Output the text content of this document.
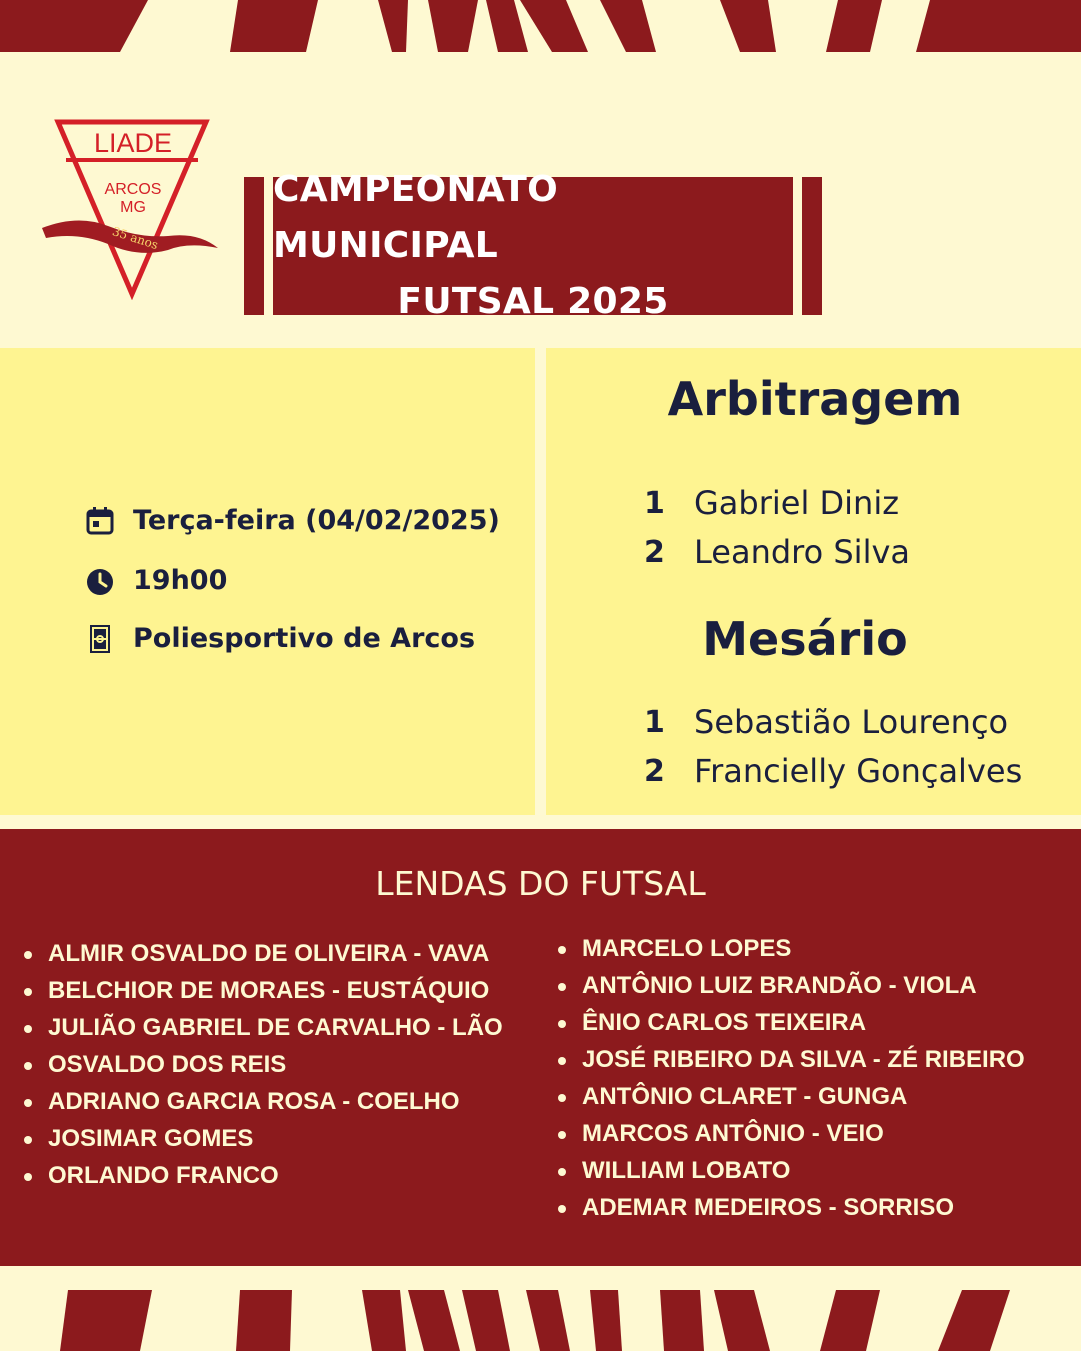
LIADE
ARCOS
MG
35 anos
CAMPEONATO MUNICIPAL
FUTSAL 2025
Terça-feira (04/02/2025)
19h00
Poliesportivo de Arcos
Arbitragem
1 Gabriel Diniz
2 Leandro Silva
Mesário
1 Sebastião Lourenço
2 Francielly Gonçalves
LENDAS DO FUTSAL
ALMIR OSVALDO DE OLIVEIRA - VAVA
BELCHIOR DE MORAES - EUSTÁQUIO
JULIÃO GABRIEL DE CARVALHO - LÃO
OSVALDO DOS REIS
ADRIANO GARCIA ROSA - COELHO
JOSIMAR GOMES
ORLANDO FRANCO
MARCELO LOPES
ANTÔNIO LUIZ BRANDÃO - VIOLA
ÊNIO CARLOS TEIXEIRA
JOSÉ RIBEIRO DA SILVA - ZÉ RIBEIRO
ANTÔNIO CLARET - GUNGA
MARCOS ANTÔNIO - VEIO
WILLIAM LOBATO
ADEMAR MEDEIROS - SORRISO
